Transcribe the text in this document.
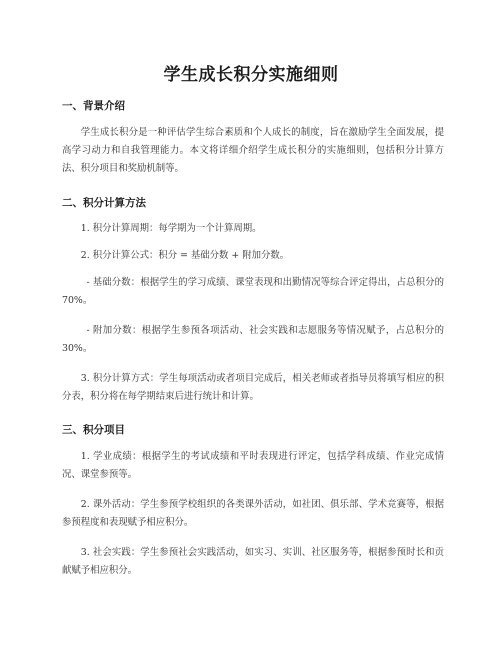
学生成长积分实施细则
一、背景介绍

学生成长积分是一种评估学生综合素质和个人成长的制度，旨在激励学生全面发展，提高学习动力和自我管理能力。本文将详细介绍学生成长积分的实施细则，包括积分计算方法、积分项目和奖励机制等。

二、积分计算方法

1. 积分计算周期：每学期为一个计算周期。

2. 积分计算公式：积分 = 基础分数 + 附加分数。

- 基础分数：根据学生的学习成绩、课堂表现和出勤情况等综合评定得出，占总积分的 70%。

- 附加分数：根据学生参预各项活动、社会实践和志愿服务等情况赋予，占总积分的 30%。

3. 积分计算方式：学生每项活动或者项目完成后，相关老师或者指导员将填写相应的积分表，积分将在每学期结束后进行统计和计算。

三、积分项目

1. 学业成绩：根据学生的考试成绩和平时表现进行评定，包括学科成绩、作业完成情况、课堂参预等。

2. 课外活动：学生参预学校组织的各类课外活动，如社团、俱乐部、学术竞赛等，根据参预程度和表现赋予相应积分。

3. 社会实践：学生参预社会实践活动，如实习、实训、社区服务等，根据参预时长和贡献赋予相应积分。
